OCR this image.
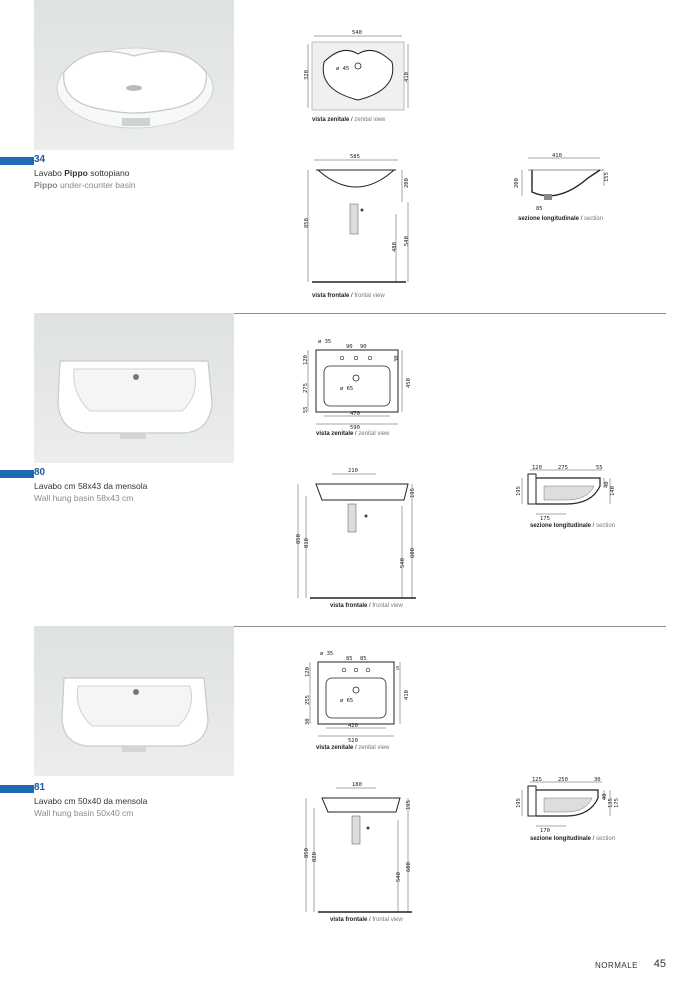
34
Lavabo Pippo sottopiano
Pippo under-counter basin
540
ø 45
320	410
vista zenitale / zenital view
585
200
850
480
540
vista frontale / frontal view
410
200
155
85
sezione longitudinale / section
80
Lavabo cm 58x43 da mensola
Wall hung basin 58x43 cm
ø 35
90 90
120
275
55
30
450
ø 65
470
590
vista zenitale / zenital view
210
195
850 810
540
600
vista frontale / frontal view
120	275	55
195
40
140
175
sezione longitudinale / section
81
Lavabo cm 50x40 da mensola
Wall hung basin 50x40 cm
ø 35
85 85
120
255
30
5
410
ø 65
420
520
vista zenitale / zenital view
180
195
850 820
540
600
vista frontale / frontal view
125	250	30
195
40
135 175
170
sezione longitudinale / section
NORMALE 45
